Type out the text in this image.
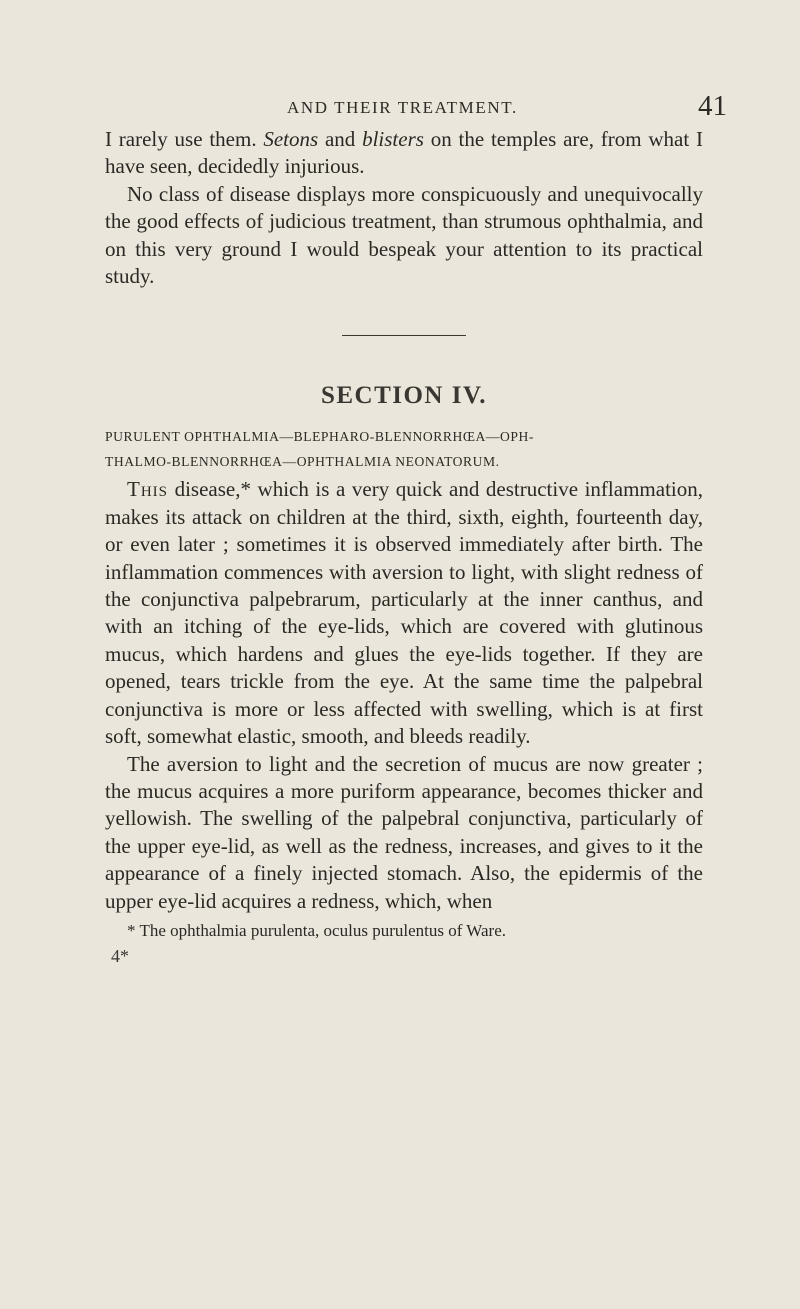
AND THEIR TREATMENT.	41

I rarely use them. Setons and blisters on the temples are, from what I have seen, decidedly injurious.

No class of disease displays more conspicuously and unequivocally the good effects of judicious treatment, than strumous ophthalmia, and on this very ground I would bespeak your attention to its practical study.

SECTION IV.

PURULENT OPHTHALMIA—BLEPHARO-BLENNORRHŒA—OPH-
THALMO-BLENNORRHŒA—OPHTHALMIA NEONATORUM.

This disease,* which is a very quick and destructive inflammation, makes its attack on children at the third, sixth, eighth, fourteenth day, or even later ; sometimes it is observed immediately after birth. The inflammation commences with aversion to light, with slight redness of the conjunctiva palpebrarum, particularly at the inner canthus, and with an itching of the eye-lids, which are covered with glutinous mucus, which hardens and glues the eye-lids together. If they are opened, tears trickle from the eye. At the same time the palpebral conjunctiva is more or less affected with swelling, which is at first soft, somewhat elastic, smooth, and bleeds readily.

The aversion to light and the secretion of mucus are now greater ; the mucus acquires a more puriform appearance, becomes thicker and yellowish. The swelling of the palpebral conjunctiva, particularly of the upper eye-lid, as well as the redness, increases, and gives to it the appearance of a finely injected stomach. Also, the epidermis of the upper eye-lid acquires a redness, which, when

* The ophthalmia purulenta, oculus purulentus of Ware.

4*
